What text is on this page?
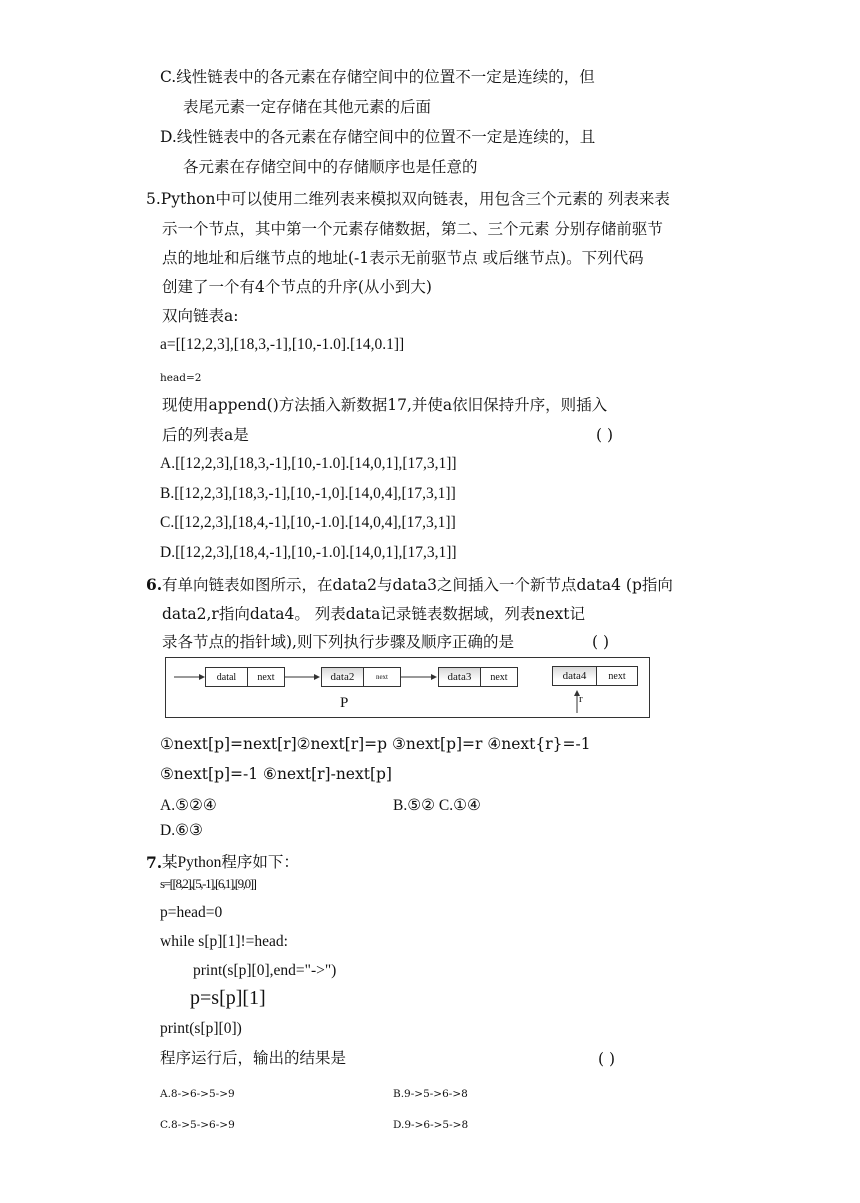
C.线性链表中的各元素在存储空间中的位置不一定是连续的，但
表尾元素一定存储在其他元素的后面
D.线性链表中的各元素在存储空间中的位置不一定是连续的，且
各元素在存储空间中的存储顺序也是任意的
5.Python中可以使用二维列表来模拟双向链表，用包含三个元素的 列表来表
示一个节点，其中第一个元素存储数据，第二、三个元素 分别存储前驱节
点的地址和后继节点的地址(-1表示无前驱节点 或后继节点)。下列代码
创建了一个有4个节点的升序(从小到大)
双向链表a:
a=[[12,2,3],[18,3,-1],[10,-1.0].[14,0.1]]
head=2
现使用append()方法插入新数据17,并使a依旧保持升序，则插入
后的列表a是	( )
A.[[12,2,3],[18,3,-1],[10,-1.0].[14,0,1],[17,3,1]]
B.[[12,2,3],[18,3,-1],[10,-1,0].[14,0,4],[17,3,1]]
C.[[12,2,3],[18,4,-1],[10,-1.0].[14,0,4],[17,3,1]]
D.[[12,2,3],[18,4,-1],[10,-1.0].[14,0,1],[17,3,1]]
6. 有单向链表如图所示，在data2与data3之间插入一个新节点data4 (p指向
data2,r指向data4。 列表data记录链表数据域，列表next记
录各节点的指针域),则下列执行步骤及顺序正确的是	( )
datal	next	data2	next	data3	next	data4	next
P	r
①next[p]=next[r]②next[r]=p ③next[p]=r ④next{r}=-1
⑤next[p]=-1 ⑥next[r]-next[p]
A.⑤②④	B.⑤② C.①④
D.⑥③
7. 某Python程序如下：
s=[[8,2],[5,-1],[6,1],[9,0]]
p=head=0
while s[p][1]!=head:
print(s[p][0],end="->")
p=s[p][1]
print(s[p][0])
程序运行后，输出的结果是	( )
A.8->6->5->9	B.9->5->6->8
C.8->5->6->9	D.9->6->5->8
